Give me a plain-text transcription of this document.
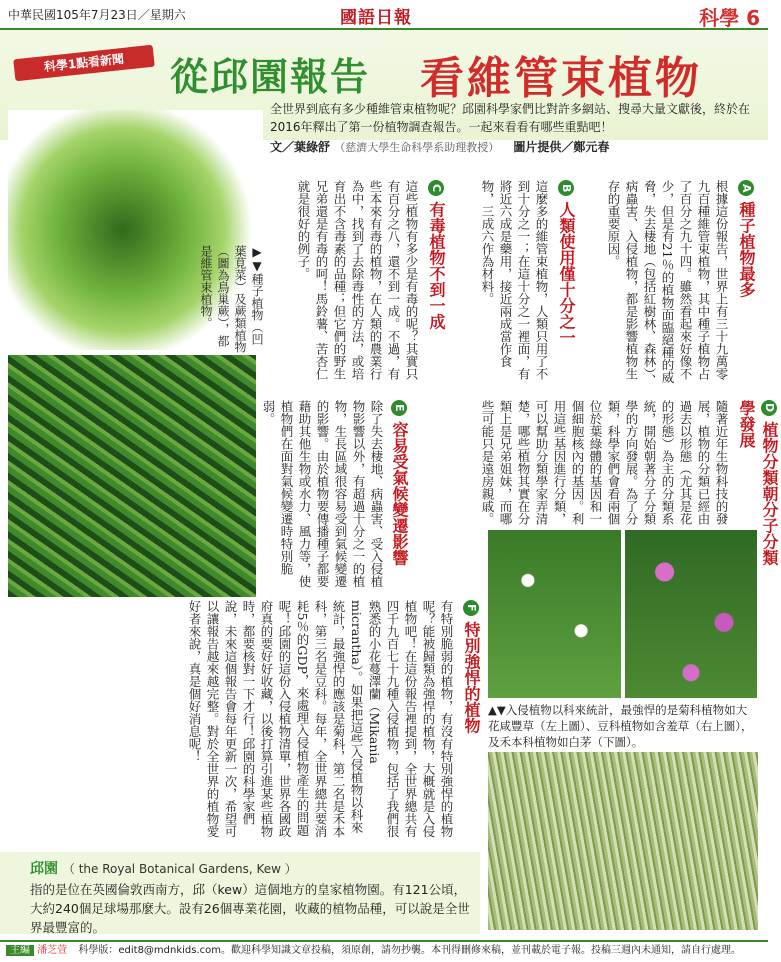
中華民國105年7月23日／星期六	國語日報	科學 6
科學1點看新聞	從邱園報告 看維管束植物
全世界到底有多少種維管束植物呢？邱園科學家們比對許多網站、搜尋大量文獻後，終於在2016年釋出了第一份植物調查報告。一起來看看有哪些重點吧！
文／葉綠舒 （慈濟大學生命科學系助理教授） 圖片提供／鄭元春
▶▼種子植物（凹葉莧菜）及蕨類植物（圖為鳥巢蕨），都是維管束植物。
▲▼入侵植物以科來統計，最強悍的是菊科植物如大花咸豐草（左上圖）、豆科植物如含羞草（右上圖），及禾本科植物如白茅（下圖）。
A 種子植物最多
根據這份報告，世界上有三十九萬零九百種維管束植物，其中種子植物占了百分之九十四。雖然看起來好像不少，但是有21％的植物面臨絕種的威脅，失去棲地（包括紅樹林、森林）、病蟲害、入侵植物，都是影響植物生存的重要原因。
B 人類使用僅十分之一
這麼多的維管束植物，人類只用了不到十分之一；在這十分之一裡面，有將近六成是藥用，接近兩成當作食物，三成六作為材料。
C 有毒植物不到一成
這些植物有多少是有毒的呢？其實只有百分之八，還不到一成。不過，有些本來有毒的植物，在人類的農業行為中，找到了去除毒性的方法，或培育出不含毒素的品種；但它們的野生兄弟還是有毒的呵！馬鈴薯、苦杏仁就是很好的例子。
D 植物分類朝分子分類學發展
隨著近年生物科技的發展，植物的分類已經由過去以形態（尤其是花的形態）為主的分類系統，開始朝著分子分類學的方向發展。為了分類，科學家們會看兩個位於葉綠體的基因和一個細胞核內的基因。利用這些基因進行分類，可以幫助分類學家弄清楚，哪些植物其實在分類上是兄弟姐妹，而哪些可能只是遠房親戚。
E 容易受氣候變遷影響
除了失去棲地、病蟲害、受入侵植物影響以外，有超過十分之一的植物，生長區域很容易受到氣候變遷的影響。由於植物要傳播種子都要藉助其他生物或水力、風力等，使植物們在面對氣候變遷時特別脆弱。
F 特別強悍的植物
有特別脆弱的植物，有沒有特別強悍的植物呢？能被歸類為強悍的植物，大概就是入侵植物吧！在這份報告裡提到，全世界總共有四千九百七十九種入侵植物，包括了我們很熟悉的小花蔓澤蘭（Mikania micrantha）。如果把這些入侵植物以科來統計，最強悍的應該是菊科，第二名是禾本科，第三名是豆科。每年，全世界總共要消耗5％的GDP，來處理入侵植物產生的問題呢！邱園的這份入侵植物清單，世界各國政府真的要好好收藏，以後打算引進某些植物時，都要核對一下才行！邱園的科學家們說，未來這個報告會每年更新一次，希望可以讓報告越來越完整。對於全世界的植物愛好者來說，真是個好消息呢！
邱園 （ the Royal Botanical Gardens, Kew ）
指的是位在英國倫敦西南方，邱（kew）這個地方的皇家植物園。有121公頃，大約240個足球場那麼大。設有26個專業花園，收藏的植物品種，可以說是全世界最豐富的。
主編 潘芝萱 科學版：edit8@mdnkids.com。歡迎科學知識文章投稿，須原創，請勿抄襲。本刊得刪修來稿，並刊載於電子報。投稿三週內未通知，請自行處理。
